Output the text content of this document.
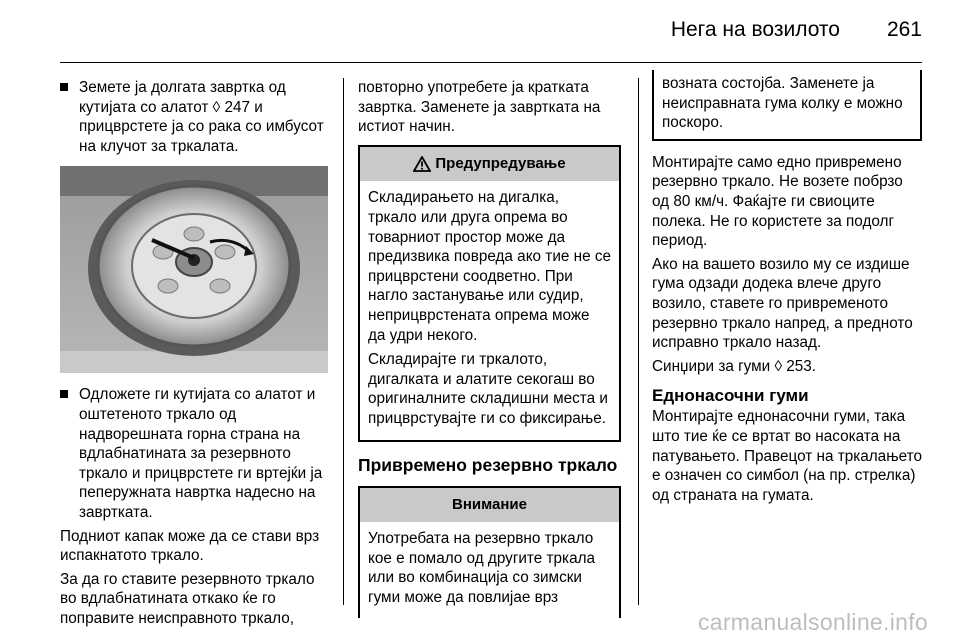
Нега на возилото 261
Земете ја долгата завртка од кутијата со алатот ◊ 247 и прицврстете ја со рака со имбусот на клучот за тркалата.
Одложете ги кутијата со алатот и оштетеното тркало од надворешната горна страна на вдлабнатината за резервното тркало и прицврстете ги вртејќи ја пеперужната навртка надесно на завртката.

Подниот капак може да се стави врз испакнатото тркало.

За да го ставите резервното тркало во вдлабнатината откако ќе го поправите неисправното тркало,

повторно употребете ја кратката завртка. Заменете ја завртката на истиот начин.

Предупредување

Складирањето на дигалка, тркало или друга опрема во товарниот простор може да предизвика повреда ако тие не се прицврстени соодветно. При нагло застанување или судир, неприцврстената опрема може да удри некого.

Складирајте ги тркалото, дигалката и алатите секогаш во оригиналните складишни места и прицврстувајте ги со фиксирање.

Привремено резервно тркало
Внимание

Употребата на резервно тркало кое е помало од другите тркала или во комбинација со зимски гуми може да повлијае врз

возната состојба. Заменете ја неисправната гума колку е можно поскоро.

Монтирајте само едно привремено резервно тркало. Не возете побрзо од 80 км/ч. Фаќајте ги свиоците полека. Не го користете за подолг период.

Ако на вашето возило му се издише гума одзади додека влече друго возило, ставете го привременото резервно тркало напред, а предното исправно тркало назад.

Синџири за гуми ◊ 253.

Еднонасочни гуми

Монтирајте еднонасочни гуми, така што тие ќе се вртат во насоката на патувањето. Правецот на тркалањето е означен со симбол (на пр. стрелка) од страната на гумата.

carmanualsonline.info
